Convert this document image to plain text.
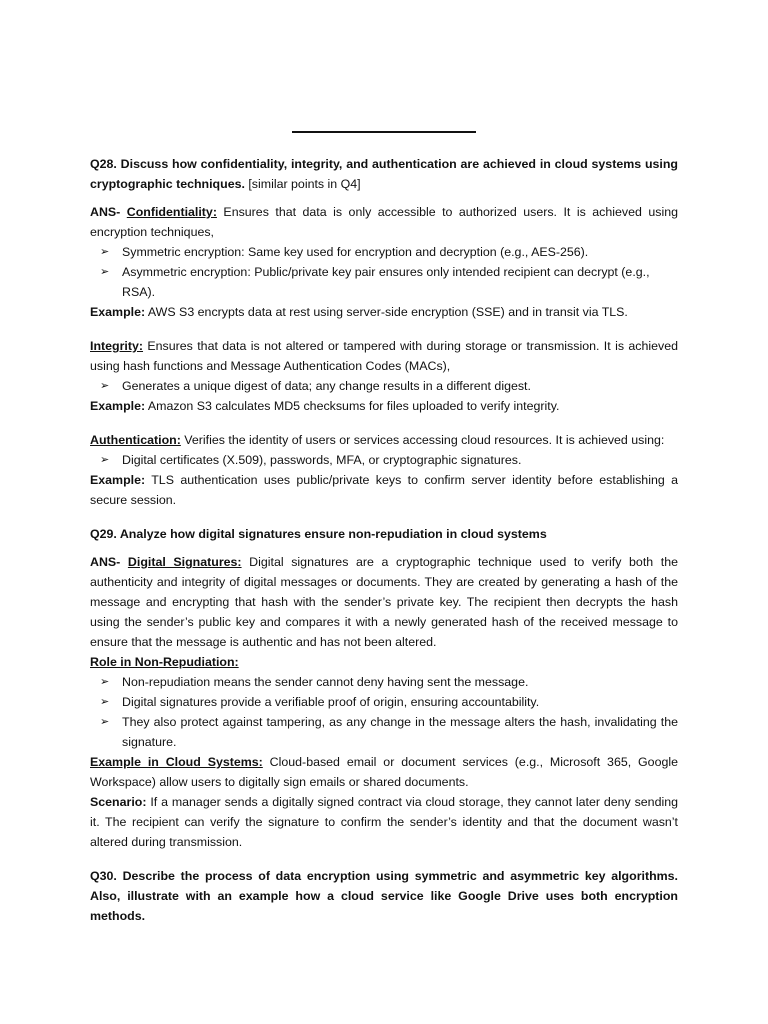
Q28. Discuss how confidentiality, integrity, and authentication are achieved in cloud systems using cryptographic techniques. [similar points in Q4]

ANS- Confidentiality: Ensures that data is only accessible to authorized users. It is achieved using encryption techniques,

➢ Symmetric encryption: Same key used for encryption and decryption (e.g., AES-256).
➢ Asymmetric encryption: Public/private key pair ensures only intended recipient can decrypt (e.g., RSA).

Example: AWS S3 encrypts data at rest using server-side encryption (SSE) and in transit via TLS.

Integrity: Ensures that data is not altered or tampered with during storage or transmission. It is achieved using hash functions and Message Authentication Codes (MACs),

➢ Generates a unique digest of data; any change results in a different digest.

Example: Amazon S3 calculates MD5 checksums for files uploaded to verify integrity.

Authentication: Verifies the identity of users or services accessing cloud resources. It is achieved using:

➢ Digital certificates (X.509), passwords, MFA, or cryptographic signatures.

Example: TLS authentication uses public/private keys to confirm server identity before establishing a secure session.

Q29. Analyze how digital signatures ensure non-repudiation in cloud systems

ANS- Digital Signatures: Digital signatures are a cryptographic technique used to verify both the authenticity and integrity of digital messages or documents. They are created by generating a hash of the message and encrypting that hash with the sender’s private key. The recipient then decrypts the hash using the sender’s public key and compares it with a newly generated hash of the received message to ensure that the message is authentic and has not been altered.

Role in Non-Repudiation:

➢ Non-repudiation means the sender cannot deny having sent the message.
➢ Digital signatures provide a verifiable proof of origin, ensuring accountability.
➢ They also protect against tampering, as any change in the message alters the hash, invalidating the signature.

Example in Cloud Systems: Cloud-based email or document services (e.g., Microsoft 365, Google Workspace) allow users to digitally sign emails or shared documents.

Scenario: If a manager sends a digitally signed contract via cloud storage, they cannot later deny sending it. The recipient can verify the signature to confirm the sender’s identity and that the document wasn’t altered during transmission.

Q30. Describe the process of data encryption using symmetric and asymmetric key algorithms. Also, illustrate with an example how a cloud service like Google Drive uses both encryption methods.
